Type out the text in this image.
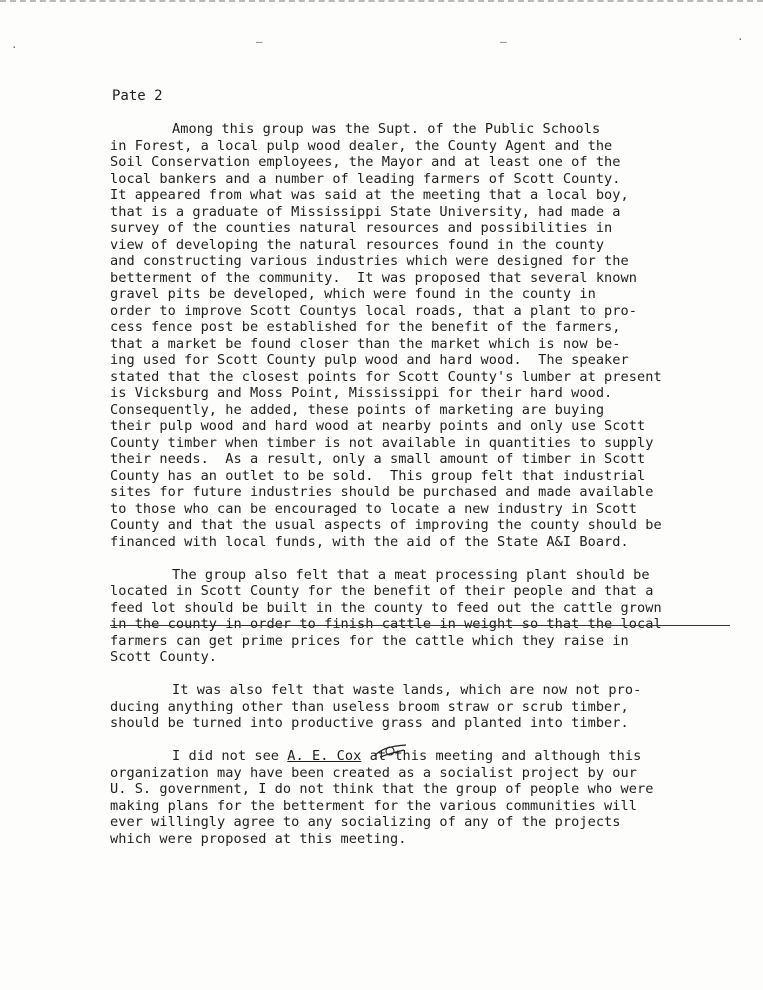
—	—
·
·
Pate 2
Among this group was the Supt. of the Public Schools
in Forest, a local pulp wood dealer, the County Agent and the
Soil Conservation employees, the Mayor and at least one of the
local bankers and a number of leading farmers of Scott County.
It appeared from what was said at the meeting that a local boy,
that is a graduate of Mississippi State University, had made a
survey of the counties natural resources and possibilities in
view of developing the natural resources found in the county
and constructing various industries which were designed for the
betterment of the community.  It was proposed that several known
gravel pits be developed, which were found in the county in
order to improve Scott Countys local roads, that a plant to pro-
cess fence post be established for the benefit of the farmers,
that a market be found closer than the market which is now be-
ing used for Scott County pulp wood and hard wood.  The speaker
stated that the closest points for Scott County's lumber at present
is Vicksburg and Moss Point, Mississippi for their hard wood.
Consequently, he added, these points of marketing are buying
their pulp wood and hard wood at nearby points and only use Scott
County timber when timber is not available in quantities to supply
their needs.  As a result, only a small amount of timber in Scott
County has an outlet to be sold.  This group felt that industrial
sites for future industries should be purchased and made available
to those who can be encouraged to locate a new industry in Scott
County and that the usual aspects of improving the county should be
financed with local funds, with the aid of the State A&I Board.
The group also felt that a meat processing plant should be
located in Scott County for the benefit of their people and that a
feed lot should be built in the county to feed out the cattle grown
in the county in order to finish cattle in weight so that the local
farmers can get prime prices for the cattle which they raise in
Scott County.
It was also felt that waste lands, which are now not pro-
ducing anything other than useless broom straw or scrub timber,
should be turned into productive grass and planted into timber.
I did not see A. E. Cox at this meeting and although this
organization may have been created as a socialist project by our
U. S. government, I do not think that the group of people who were
making plans for the betterment for the various communities will
ever willingly agree to any socializing of any of the projects
which were proposed at this meeting.
